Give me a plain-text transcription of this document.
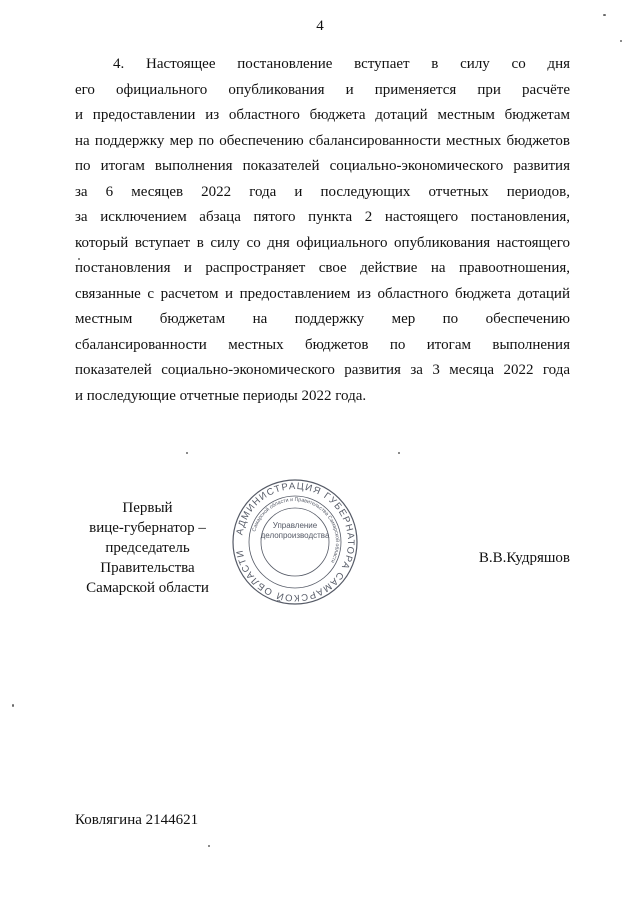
4
4. Настоящее постановление вступает в силу со дня
его официального опубликования и применяется при расчёте
и предоставлении из областного бюджета дотаций местным бюджетам
на поддержку мер по обеспечению сбалансированности местных бюджетов
по итогам выполнения показателей социально-экономического развития
за 6 месяцев 2022 года и последующих отчетных периодов,
за исключением абзаца пятого пункта 2 настоящего постановления,
который вступает в силу со дня официального опубликования настоящего
постановления и распространяет свое действие на правоотношения,
связанные с расчетом и предоставлением из областного бюджета дотаций
местным бюджетам на поддержку мер по обеспечению
сбалансированности местных бюджетов по итогам выполнения
показателей социально-экономического развития за 3 месяца 2022 года
и последующие отчетные периоды 2022 года.
Первый
вице-губернатор –
председатель Правительства
Самарской области
АДМИНИСТРАЦИЯ ГУБЕРНАТОРА САМАРСКОЙ ОБЛАСТИ
Самарской области и Правительства Самарской области
Управление
делопроизводства
В.В.Кудряшов
Ковлягина 2144621
